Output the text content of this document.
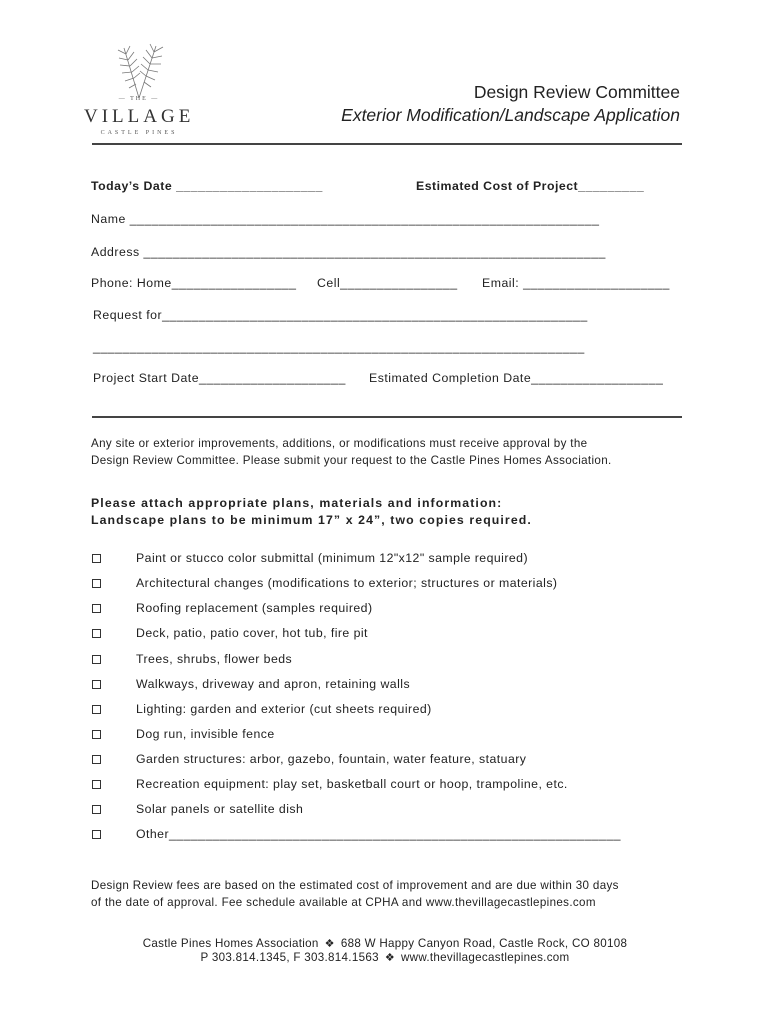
— THE —
VILLAGE
CASTLE PINES
Design Review Committee
Exterior Modification/Landscape Application
Today’s Date ____________________	Estimated Cost of Project_________
Name ________________________________________________________________
Address _______________________________________________________________
Phone: Home_________________ Cell________________ Email: ____________________
Request for__________________________________________________________
___________________________________________________________________
Project Start Date____________________ Estimated Completion Date__________________
Any site or exterior improvements, additions, or modifications must receive approval by the
Design Review Committee. Please submit your request to the Castle Pines Homes Association.
Please attach appropriate plans, materials and information:
Landscape plans to be minimum 17” x 24”, two copies required.
Paint or stucco color submittal (minimum 12"x12" sample required)
Architectural changes (modifications to exterior; structures or materials)
Roofing replacement (samples required)
Deck, patio, patio cover, hot tub, fire pit
Trees, shrubs, flower beds
Walkways, driveway and apron, retaining walls
Lighting: garden and exterior (cut sheets required)
Dog run, invisible fence
Garden structures: arbor, gazebo, fountain, water feature, statuary
Recreation equipment: play set, basketball court or hoop, trampoline, etc.
Solar panels or satellite dish
Other______________________________________________________________
Design Review fees are based on the estimated cost of improvement and are due within 30 days
of the date of approval. Fee schedule available at CPHA and www.thevillagecastlepines.com
Castle Pines Homes Association ❖ 688 W Happy Canyon Road, Castle Rock, CO 80108
P 303.814.1345, F 303.814.1563 ❖ www.thevillagecastlepines.com
